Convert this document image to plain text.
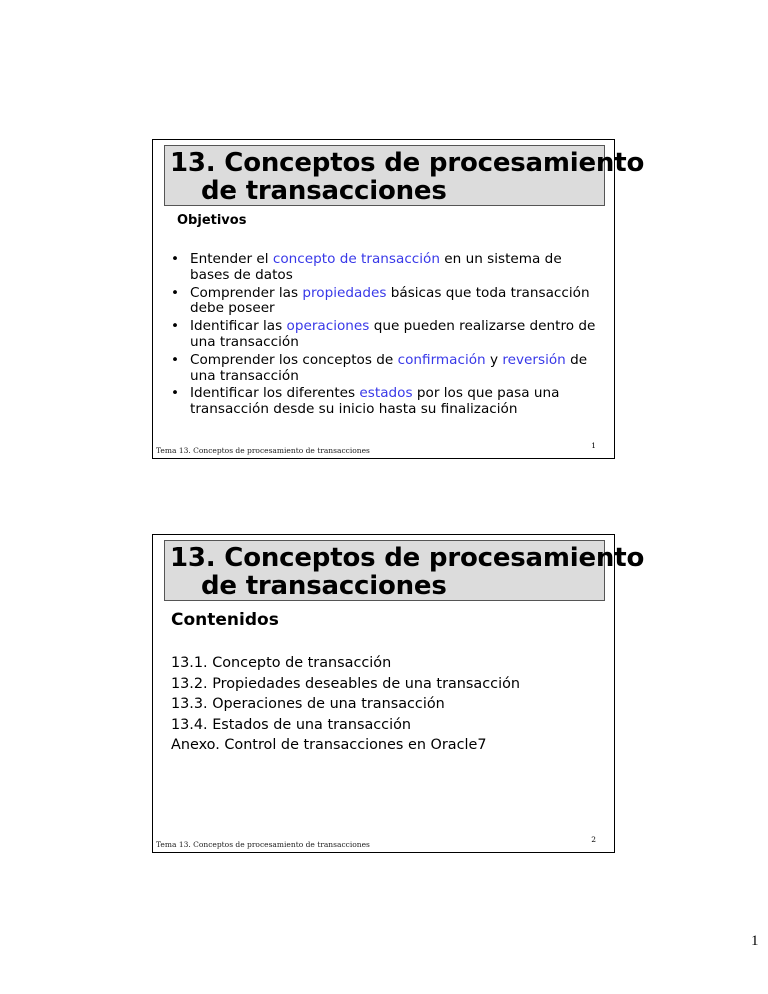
13. Conceptos de procesamiento
de transacciones
Objetivos
• Entender el concepto de transacción en un sistema de bases de datos
• Comprender las propiedades básicas que toda transacción debe poseer
• Identificar las operaciones que pueden realizarse dentro de una transacción
• Comprender los conceptos de confirmación y reversión de una transacción
• Identificar los diferentes estados por los que pasa una transacción desde su inicio hasta su finalización
Tema 13. Conceptos de procesamiento de transacciones
1
13. Conceptos de procesamiento
de transacciones
Contenidos
13.1. Concepto de transacción
13.2. Propiedades deseables de una transacción
13.3. Operaciones de una transacción
13.4. Estados de una transacción
Anexo. Control de transacciones en Oracle7
Tema 13. Conceptos de procesamiento de transacciones
2
1
